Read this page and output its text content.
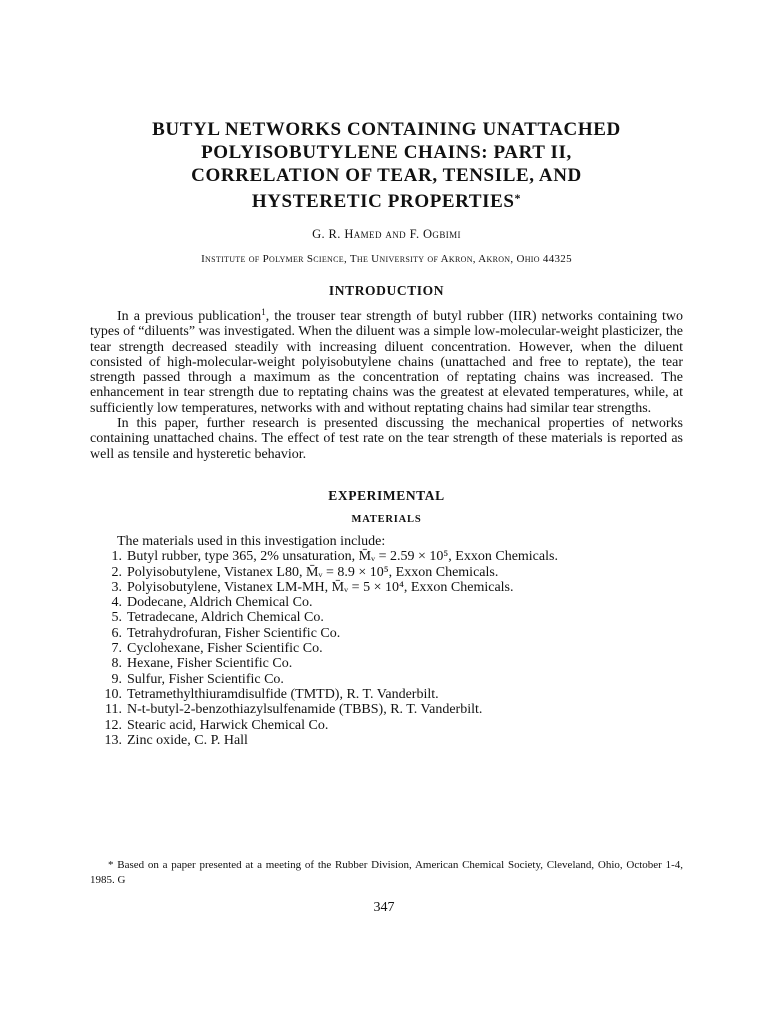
BUTYL NETWORKS CONTAINING UNATTACHED
POLYISOBUTYLENE CHAINS: PART II,
CORRELATION OF TEAR, TENSILE, AND
HYSTERETIC PROPERTIES*

G. R. Hamed and F. Ogbimi

Institute of Polymer Science, The University of Akron, Akron, Ohio 44325

INTRODUCTION

In a previous publication$^1$, the trouser tear strength of butyl rubber (IIR) networks containing two types of “diluents” was investigated. When the diluent was a simple low-molecular-weight plasticizer, the tear strength decreased steadily with increasing diluent concentration. However, when the diluent consisted of high-molecular-weight polyisobutylene chains (unattached and free to reptate), the tear strength passed through a maximum as the concentration of reptating chains was increased. The enhancement in tear strength due to reptating chains was the greatest at elevated temperatures, while, at sufficiently low temperatures, networks with and without reptating chains had similar tear strengths.

In this paper, further research is presented discussing the mechanical properties of networks containing unattached chains. The effect of test rate on the tear strength of these materials is reported as well as tensile and hysteretic behavior.

EXPERIMENTAL
MATERIALS

The materials used in this investigation include:

1. Butyl rubber, type 365, 2% unsaturation, M̄ᵥ = 2.59 × 10⁵, Exxon Chemicals.
2. Polyisobutylene, Vistanex L80, M̄ᵥ = 8.9 × 10⁵, Exxon Chemicals.
3. Polyisobutylene, Vistanex LM-MH, M̄ᵥ = 5 × 10⁴, Exxon Chemicals.
4. Dodecane, Aldrich Chemical Co.
5. Tetradecane, Aldrich Chemical Co.
6. Tetrahydrofuran, Fisher Scientific Co.
7. Cyclohexane, Fisher Scientific Co.
8. Hexane, Fisher Scientific Co.
9. Sulfur, Fisher Scientific Co.
10. Tetramethylthiuramdisulfide (TMTD), R. T. Vanderbilt.
11. N-t-butyl-2-benzothiazylsulfenamide (TBBS), R. T. Vanderbilt.
12. Stearic acid, Harwick Chemical Co.
13. Zinc oxide, C. P. Hall

* Based on a paper presented at a meeting of the Rubber Division, American Chemical Society, Cleveland, Ohio, October 1-4, 1985. G

347
